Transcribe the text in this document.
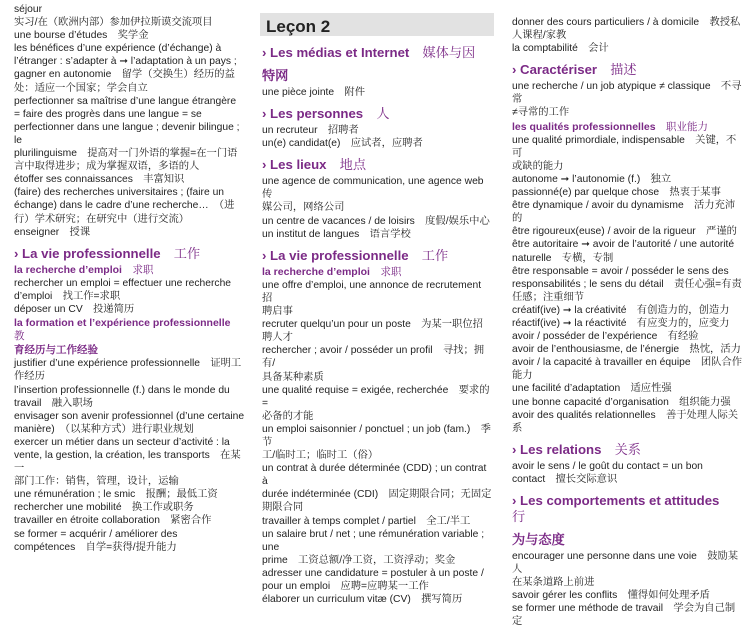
séjour

实习/在（欧洲内部）参加伊拉斯谟交流项目

une bourse d’études　奖学金

les bénéfices d’une expérience (d’échange) à

l’étranger : s’adapter à ➞ l’adaptation à un pays ;

gagner en autonomie　留学（交换生）经历的益

处：适应一个国家；学会自立

perfectionner sa maîtrise d’une langue étrangère

= faire des progrès dans une langue = se

perfectionner dans une langue ; devenir bilingue ; le

plurilinguisme　提高对一门外语的掌握=在一门语

言中取得进步；成为掌握双语，多语的人

étoffer ses connaissances　丰富知识

(faire) des recherches universitaires ; (faire un

échange) dans le cadre d’une recherche…　（进

行）学术研究；在研究中（进行交流）

enseigner　授课

› La vie professionnelle　工作

la recherche d’emploi　求职

rechercher un emploi = effectuer une recherche

d’emploi　找工作=求职

déposer un CV　投递简历

la formation et l’expérience professionnelle　教

育经历与工作经验

justifier d’une expérience professionnelle　证明工

作经历

l’insertion professionnelle (f.) dans le monde du

travail　融入职场

envisager son avenir professionnel (d’une certaine

manière)　（以某种方式）进行职业规划

exercer un métier dans un secteur d’activité : la

vente, la gestion, la création, les transports　在某一

部门工作：销售，管理，设计，运输

une rémunération ; le smic　报酬；最低工资

rechercher une mobilité　换工作或职务

travailler en étroite collaboration　紧密合作

se former = acquérir / améliorer des

compétences　自学=获得/提升能力

Leçon 2
› Les médias et Internet　媒体与因
特网

une pièce jointe　附件

› Les personnes　人

un recruteur　招聘者

un(e) candidat(e)　应试者，应聘者

› Les lieux　地点

une agence de communication, une agence web　传

媒公司，网络公司

un centre de vacances / de loisirs　度假/娱乐中心

un institut de langues　语言学校

› La vie professionnelle　工作

la recherche d’emploi　求职

une offre d’emploi, une annonce de recrutement　招

聘启事

recruter quelqu’un pour un poste　为某一职位招

聘人才

rechercher ; avoir / posséder un profil　寻找；拥有/

具备某种素质

une qualité requise = exigée, recherchée　要求的=

必备的才能

un emploi saisonnier / ponctuel ; un job (fam.)　季节

工/临时工；临时工（俗）

un contrat à durée déterminée (CDD) ; un contrat à

durée indéterminée (CDI)　固定期限合同；无固定

期限合同

travailler à temps complet / partiel　全工/半工

un salaire brut / net ; une rémunération variable ; une

prime　工资总额/净工资，工资浮动；奖金

adresser une candidature = postuler à un poste /

pour un emploi　应聘=应聘某一工作

élaborer un curriculum vitæ (CV)　撰写简历

donner des cours particuliers / à domicile　教授私

人课程/家教

la comptabilité　会计

› Caractériser　描述

une recherche / un job atypique ≠ classique　不寻常

≠寻常的工作

les qualités professionnelles　职业能力

une qualité primordiale, indispensable　关键，不可

或缺的能力

autonome ➞ l’autonomie (f.)　独立

passionné(e) par quelque chose　热衷于某事

être dynamique / avoir du dynamisme　活力充沛的

être rigoureux(euse) / avoir de la rigueur　严谨的

être autoritaire ➞ avoir de l’autorité / une autorité

naturelle　专横，专制

être responsable = avoir / posséder le sens des

responsabilités ; le sens du détail　责任心强=有责

任感；注重细节

créatif(ive) ➞ la créativité　有创造力的，创造力

réactif(ive) ➞ la réactivité　有应变力的，应变力

avoir / posséder de l’expérience　有经验

avoir de l’enthousiasme, de l’énergie　热忱，活力

avoir / la capacité à travailler en équipe　团队合作

能力

une facilité d’adaptation　适应性强

une bonne capacité d’organisation　组织能力强

avoir des qualités relationnelles　善于处理人际关系

› Les relations　关系

avoir le sens / le goût du contact = un bon

contact　擅长交际意识

› Les comportements et attitudes　行
为与态度

encourager une personne dans une voie　鼓励某人

在某条道路上前进

savoir gérer les conflits　懂得如何处理矛盾

se former une méthode de travail　学会为自己制定
